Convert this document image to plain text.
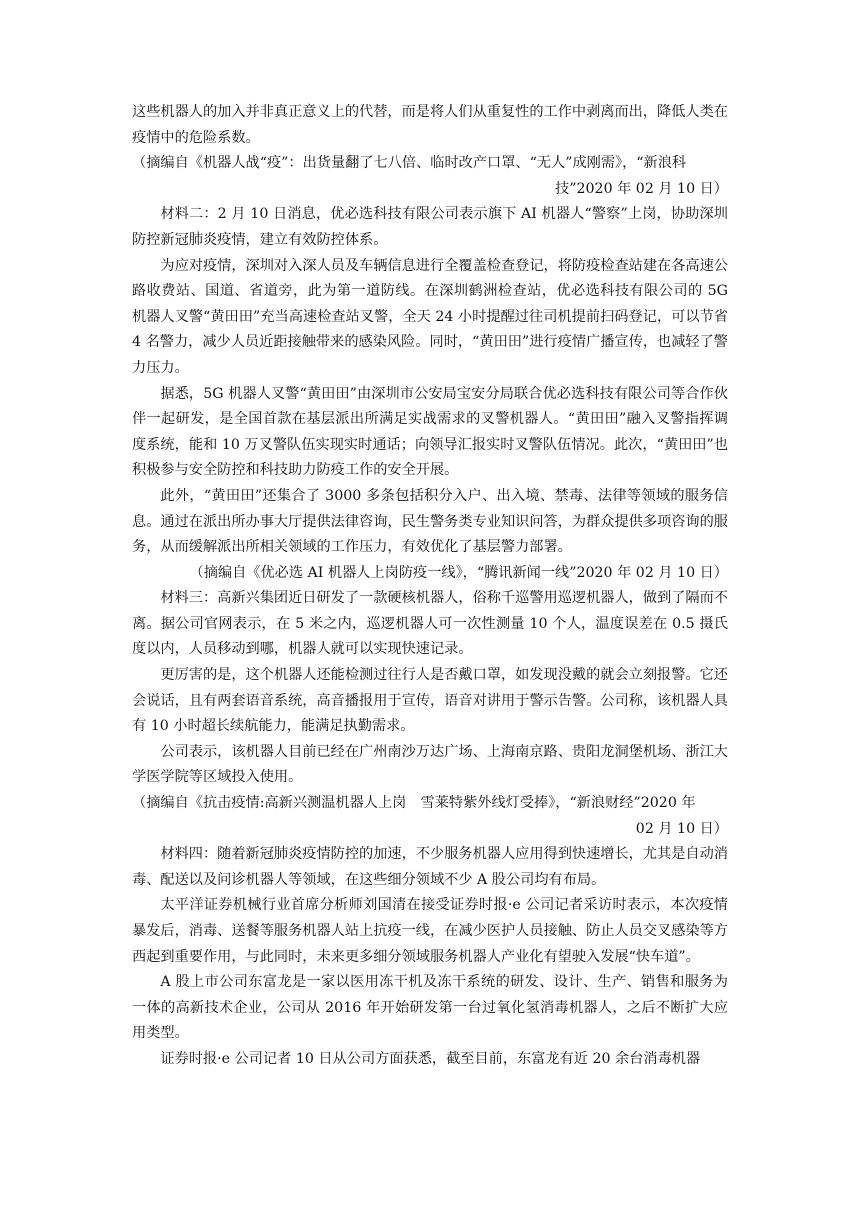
这些机器人的加入并非真正意义上的代替，而是将人们从重复性的工作中剥离而出，降低人类在疫情中的危险系数。

（摘编自《机器人战“疫”：出货量翻了七八倍、临时改产口罩、“无人”成刚需》，“新浪科

技”2020 年 02 月 10 日）

材料二：2 月 10 日消息，优必选科技有限公司表示旗下 AI 机器人“警察”上岗，协助深圳防控新冠肺炎疫情，建立有效防控体系。

为应对疫情，深圳对入深人员及车辆信息进行全覆盖检查登记，将防疫检查站建在各高速公路收费站、国道、省道旁，此为第一道防线。在深圳鹤洲检查站，优必选科技有限公司的 5G 机器人叉警“黄田田”充当高速检查站叉警，全天 24 小时提醒过往司机提前扫码登记，可以节省 4 名警力，减少人员近距接触带来的感染风险。同时，“黄田田”进行疫情广播宣传，也减轻了警力压力。

据悉，5G 机器人叉警“黄田田”由深圳市公安局宝安分局联合优必选科技有限公司等合作伙伴一起研发，是全国首款在基层派出所满足实战需求的叉警机器人。“黄田田”融入叉警指挥调度系统，能和 10 万叉警队伍实现实时通话；向领导汇报实时叉警队伍情况。此次，“黄田田”也积极参与安全防控和科技助力防疫工作的安全开展。

此外，“黄田田”还集合了 3000 多条包括积分入户、出入境、禁毒、法律等领域的服务信息。通过在派出所办事大厅提供法律咨询，民生警务类专业知识问答，为群众提供多项咨询的服务，从而缓解派出所相关领域的工作压力，有效优化了基层警力部署。

（摘编自《优必选 AI 机器人上岗防疫一线》，“腾讯新闻一线”2020 年 02 月 10 日）

材料三：高新兴集团近日研发了一款硬核机器人，俗称千巡警用巡逻机器人，做到了隔而不离。据公司官网表示，在 5 米之内，巡逻机器人可一次性测量 10 个人，温度误差在 0.5 摄氏度以内，人员移动到哪，机器人就可以实现快速记录。

更厉害的是，这个机器人还能检测过往行人是否戴口罩，如发现没戴的就会立刻报警。它还会说话，且有两套语音系统，高音播报用于宣传，语音对讲用于警示告警。公司称，该机器人具有 10 小时超长续航能力，能满足执勤需求。

公司表示，该机器人目前已经在广州南沙万达广场、上海南京路、贵阳龙洞堡机场、浙江大学医学院等区域投入使用。

（摘编自《抗击疫情:高新兴测温机器人上岗　雪莱特紫外线灯受捧》，“新浪财经”2020 年

02 月 10 日）

材料四：随着新冠肺炎疫情防控的加速，不少服务机器人应用得到快速增长，尤其是自动消毒、配送以及问诊机器人等领域，在这些细分领域不少 A 股公司均有布局。

太平洋证券机械行业首席分析师刘国清在接受证券时报·e 公司记者采访时表示，本次疫情暴发后，消毒、送餐等服务机器人站上抗疫一线，在减少医护人员接触、防止人员交叉感染等方西起到重要作用，与此同时，未来更多细分领域服务机器人产业化有望驶入发展“快车道”。

A 股上市公司东富龙是一家以医用冻干机及冻干系统的研发、设计、生产、销售和服务为一体的高新技术企业，公司从 2016 年开始研发第一台过氧化氢消毒机器人，之后不断扩大应用类型。

证券时报·e 公司记者 10 日从公司方面获悉，截至目前，东富龙有近 20 余台消毒机器
